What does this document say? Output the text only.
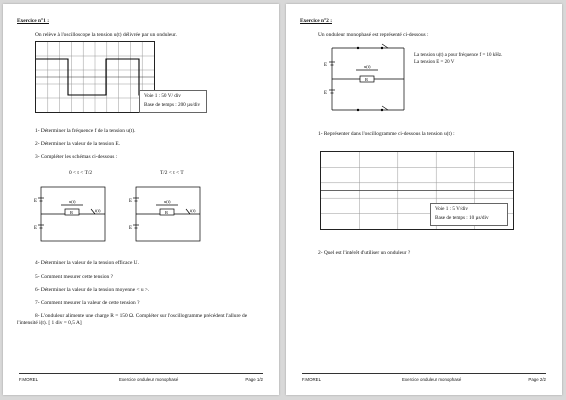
Exercice n°1 :
On relève à l'oscilloscope la tension u(t) délivrée par un onduleur.
Voie 1 : 50 V/ div
Base de temps : 200 µs/div
1- Déterminer la fréquence f de la tension u(t).
2- Déterminer la valeur de la tension E.
3- Compléter les schémas ci-dessous :
0 < t < T/2	T/2 < t < T
E
E
u(t)
R	i(t)
E
E
u(t)
R	i(t)
4- Déterminer la valeur de la tension efficace U.
5- Comment mesurer cette tension ?
6- Déterminer la valeur de la tension moyenne < u >.
7- Comment mesurer la valeur de cette tension ?
8- L'onduleur alimente une charge R = 150 Ω. Compléter sur l'oscillogramme précédent l'allure de
l'intensité i(t). [ 1 div = 0,5 A]
F.MOREL	Exercice onduleur monophasé	Page 1/2
Exercice n°2 :
Un onduleur monophasé est représenté ci-dessous :
E
E
u(t)
R
La tension u(t) a pour fréquence f = 10 kHz.
La tension E = 20 V
1- Représenter dans l'oscillogramme ci-dessous la tension u(t) :
Voie 1 : 5 V/div
Base de temps : 10 µs/div
2- Quel est l'intérêt d'utiliser un onduleur ?
F.MOREL	Exercice onduleur monophasé	Page 2/2
